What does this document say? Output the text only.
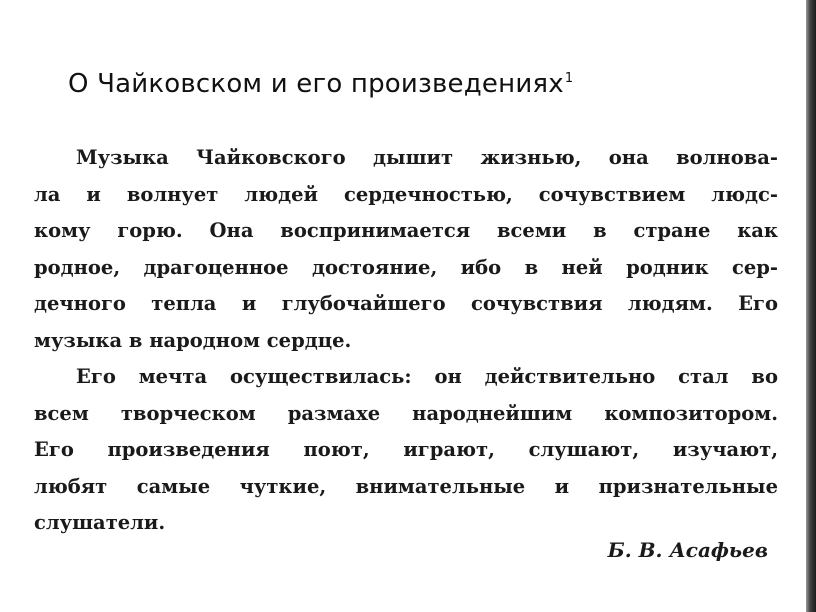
О Чайковском и его произведениях$^1$
Музыка Чайковского дышит жизнью, она волнова-
ла и волнует людей сердечностью, сочувствием людс-
кому горю. Она воспринимается всеми в стране как
родное, драгоценное достояние, ибо в ней родник сер-
дечного тепла и глубочайшего сочувствия людям. Его
музыка в народном сердце.
Его мечта осуществилась: он действительно стал во
всем творческом размахе народнейшим композитором.
Его произведения поют, играют, слушают, изучают,
любят самые чуткие, внимательные и признательные
слушатели.
Б. В. Асафьев
